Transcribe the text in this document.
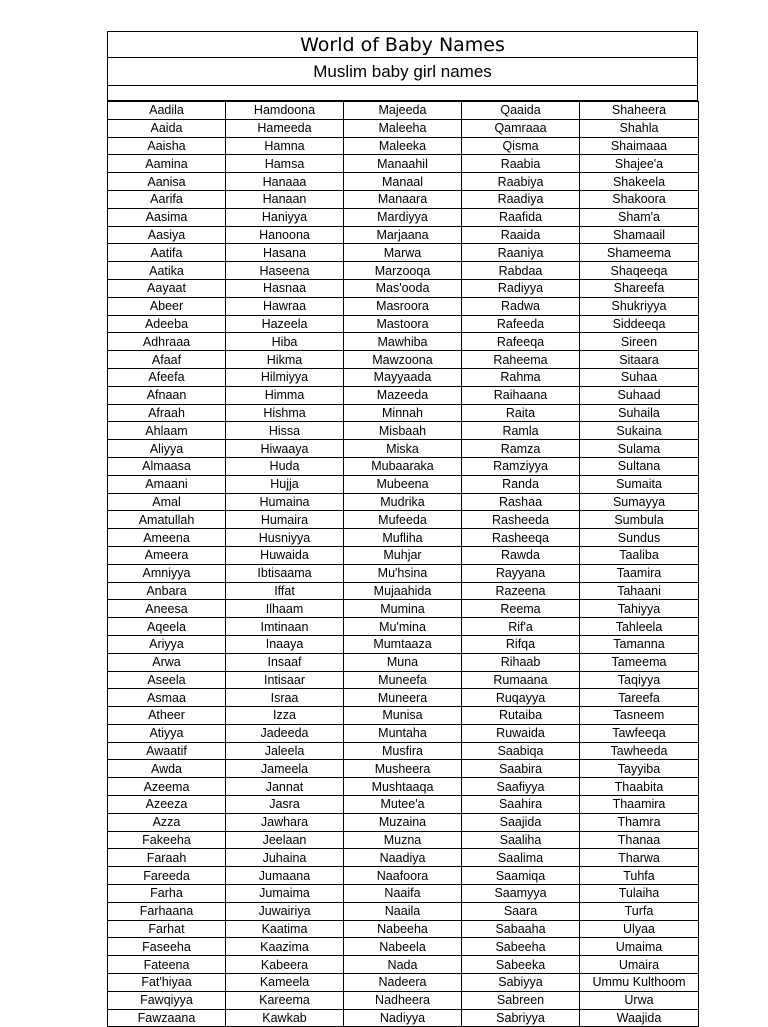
World of Baby Names
Muslim baby girl names
Aadila	Hamdoona	Majeeda	Qaaida	Shaheera
Aaida	Hameeda	Maleeha	Qamraaa	Shahla
Aaisha	Hamna	Maleeka	Qisma	Shaimaaa
Aamina	Hamsa	Manaahil	Raabia	Shajee'a
Aanisa	Hanaaa	Manaal	Raabiya	Shakeela
Aarifa	Hanaan	Manaara	Raadiya	Shakoora
Aasima	Haniyya	Mardiyya	Raafida	Sham'a
Aasiya	Hanoona	Marjaana	Raaida	Shamaail
Aatifa	Hasana	Marwa	Raaniya	Shameema
Aatika	Haseena	Marzooqa	Rabdaa	Shaqeeqa
Aayaat	Hasnaa	Mas'ooda	Radiyya	Shareefa
Abeer	Hawraa	Masroora	Radwa	Shukriyya
Adeeba	Hazeela	Mastoora	Rafeeda	Siddeeqa
Adhraaa	Hiba	Mawhiba	Rafeeqa	Sireen
Afaaf	Hikma	Mawzoona	Raheema	Sitaara
Afeefa	Hilmiyya	Mayyaada	Rahma	Suhaa
Afnaan	Himma	Mazeeda	Raihaana	Suhaad
Afraah	Hishma	Minnah	Raita	Suhaila
Ahlaam	Hissa	Misbaah	Ramla	Sukaina
Aliyya	Hiwaaya	Miska	Ramza	Sulama
Almaasa	Huda	Mubaaraka	Ramziyya	Sultana
Amaani	Hujja	Mubeena	Randa	Sumaita
Amal	Humaina	Mudrika	Rashaa	Sumayya
Amatullah	Humaira	Mufeeda	Rasheeda	Sumbula
Ameena	Husniyya	Mufliha	Rasheeqa	Sundus
Ameera	Huwaida	Muhjar	Rawda	Taaliba
Amniyya	Ibtisaama	Mu'hsina	Rayyana	Taamira
Anbara	Iffat	Mujaahida	Razeena	Tahaani
Aneesa	Ilhaam	Mumina	Reema	Tahiyya
Aqeela	Imtinaan	Mu'mina	Rif'a	Tahleela
Ariyya	Inaaya	Mumtaaza	Rifqa	Tamanna
Arwa	Insaaf	Muna	Rihaab	Tameema
Aseela	Intisaar	Muneefa	Rumaana	Taqiyya
Asmaa	Israa	Muneera	Ruqayya	Tareefa
Atheer	Izza	Munisa	Rutaiba	Tasneem
Atiyya	Jadeeda	Muntaha	Ruwaida	Tawfeeqa
Awaatif	Jaleela	Musfira	Saabiqa	Tawheeda
Awda	Jameela	Musheera	Saabira	Tayyiba
Azeema	Jannat	Mushtaaqa	Saafiyya	Thaabita
Azeeza	Jasra	Mutee'a	Saahira	Thaamira
Azza	Jawhara	Muzaina	Saajida	Thamra
Fakeeha	Jeelaan	Muzna	Saaliha	Thanaa
Faraah	Juhaina	Naadiya	Saalima	Tharwa
Fareeda	Jumaana	Naafoora	Saamiqa	Tuhfa
Farha	Jumaima	Naaifa	Saamyya	Tulaiha
Farhaana	Juwairiya	Naaila	Saara	Turfa
Farhat	Kaatima	Nabeeha	Sabaaha	Ulyaa
Faseeha	Kaazima	Nabeela	Sabeeha	Umaima
Fateena	Kabeera	Nada	Sabeeka	Umaira
Fat'hiyaa	Kameela	Nadeera	Sabiyya	Ummu Kulthoom
Fawqiyya	Kareema	Nadheera	Sabreen	Urwa
Fawzaana	Kawkab	Nadiyya	Sabriyya	Waajida
